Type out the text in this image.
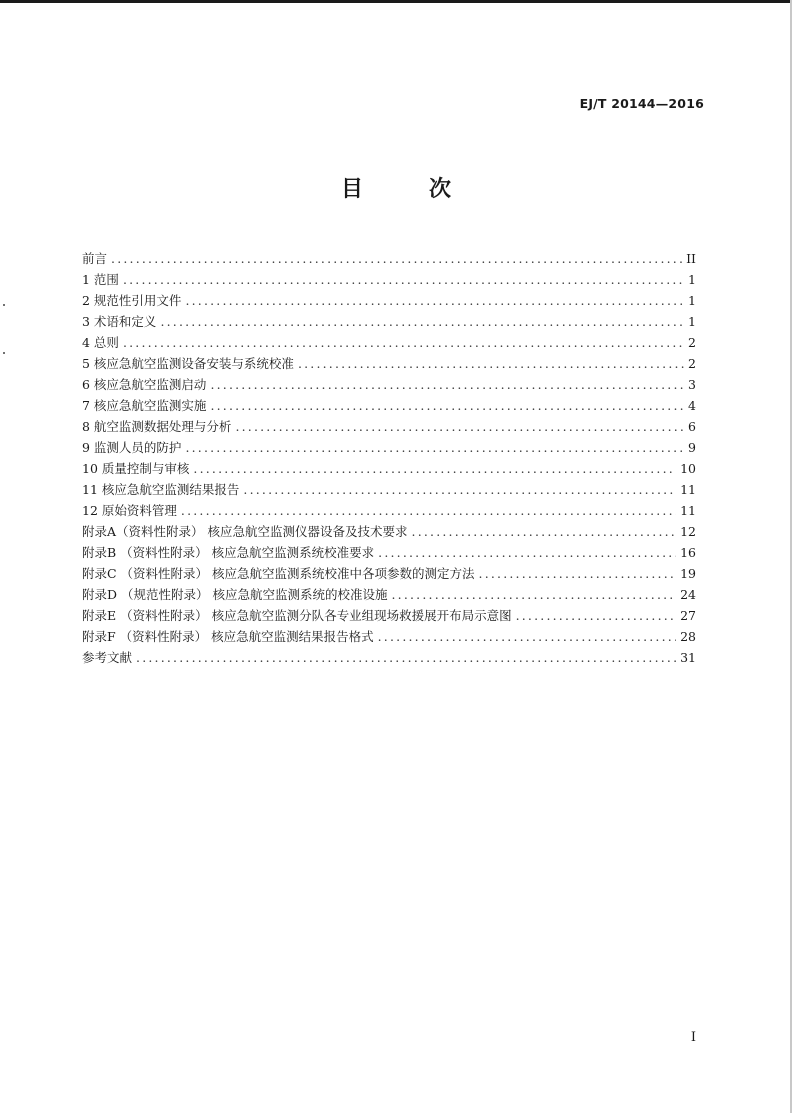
EJ/T 20144—2016
目　次
前言 .....	II
1 范围 .....	1
2 规范性引用文件 .....	1
3 术语和定义 .....	1
4 总则 .....	2
5 核应急航空监测设备安装与系统校准 .....	2
6 核应急航空监测启动 .....	3
7 核应急航空监测实施 .....	4
8 航空监测数据处理与分析 .....	6
9 监测人员的防护 .....	9
10 质量控制与审核 .....	10
11 核应急航空监测结果报告 .....	11
12 原始资料管理 .....	11
附录A（资料性附录） 核应急航空监测仪器设备及技术要求 .....	12
附录B （资料性附录） 核应急航空监测系统校准要求 .....	16
附录C （资料性附录） 核应急航空监测系统校准中各项参数的测定方法 .....	19
附录D （规范性附录） 核应急航空监测系统的校准设施 .....	24
附录E （资料性附录） 核应急航空监测分队各专业组现场救援展开布局示意图 .....	27
附录F （资料性附录） 核应急航空监测结果报告格式 .....	28
参考文献 .....	31
I
